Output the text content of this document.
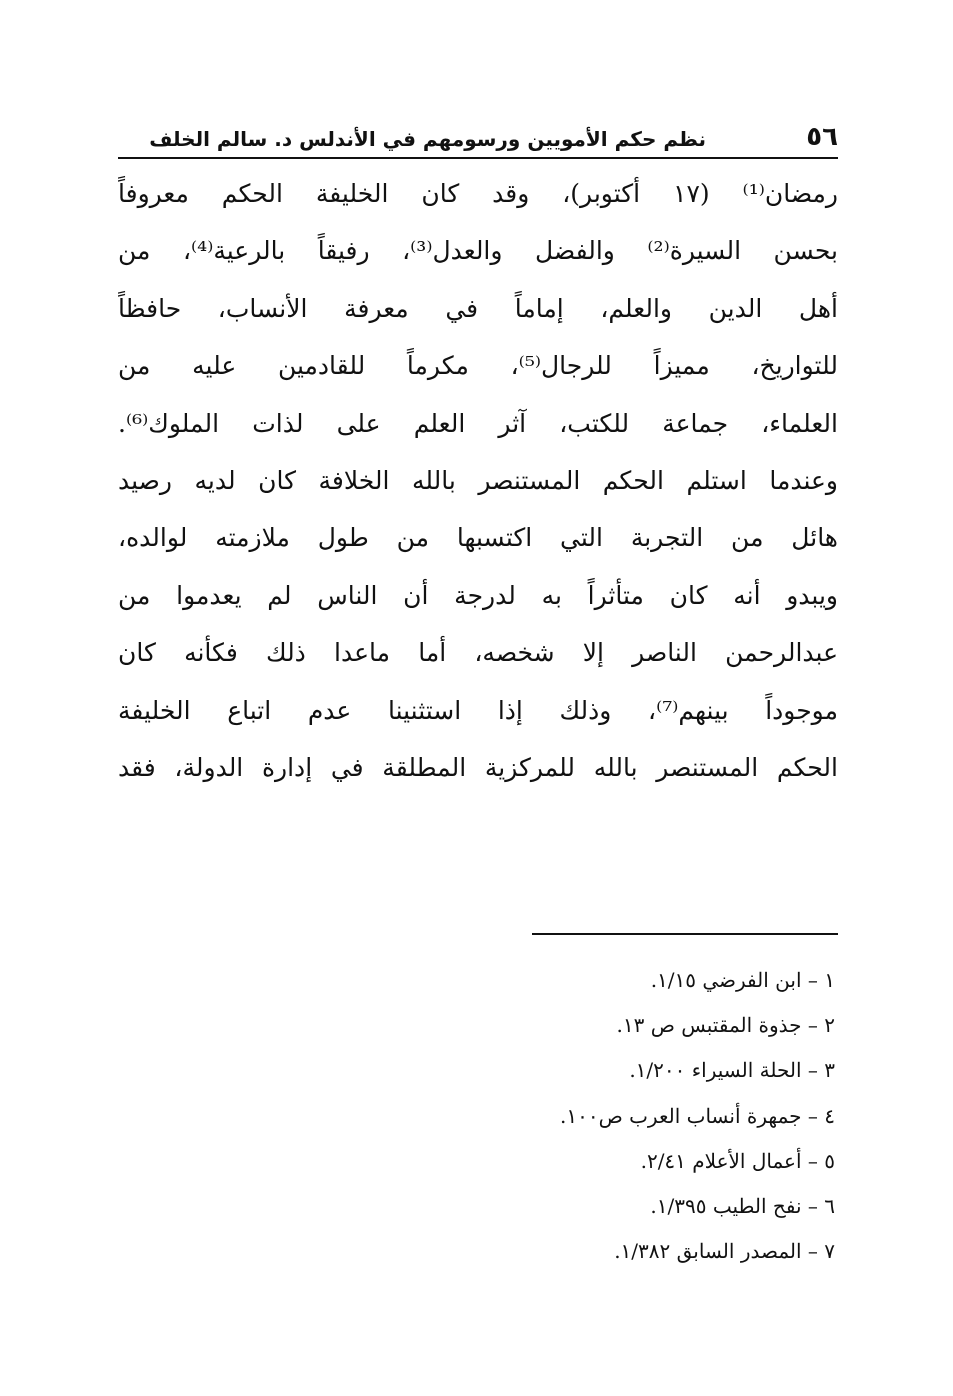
٥٦
نظم حكم الأمويين ورسومهم في الأندلس د. سالم الخلف
رمضان⁽¹⁾ (١٧ أكتوبر)، وقد كان الخليفة الحكم معروفاً
بحسن السيرة⁽²⁾ والفضل والعدل⁽³⁾، رفيقاً بالرعية⁽⁴⁾، من
أهل الدين والعلم، إماماً في معرفة الأنساب، حافظاً
للتواريخ، مميزاً للرجال⁽⁵⁾، مكرماً للقادمين عليه من
العلماء، جماعة للكتب، آثر العلم على لذات الملوك⁽⁶⁾.
وعندما استلم الحكم المستنصر بالله الخلافة كان لديه رصيد
هائل من التجربة التي اكتسبها من طول ملازمته لوالده،
ويبدو أنه كان متأثراً به لدرجة أن الناس لم يعدموا من
عبدالرحمن الناصر إلا شخصه، أما ماعدا ذلك فكأنه كان
موجوداً بينهم⁽⁷⁾، وذلك إذا استثنينا عدم اتباع الخليفة
الحكم المستنصر بالله للمركزية المطلقة في إدارة الدولة، فقد
١ – ابن الفرضي ١/١٥.
٢ – جذوة المقتبس ص ١٣.
٣ – الحلة السيراء ١/٢٠٠.
٤ – جمهرة أنساب العرب ص١٠٠.
٥ – أعمال الأعلام ٢/٤١.
٦ – نفح الطيب ١/٣٩٥.
٧ – المصدر السابق ١/٣٨٢.
